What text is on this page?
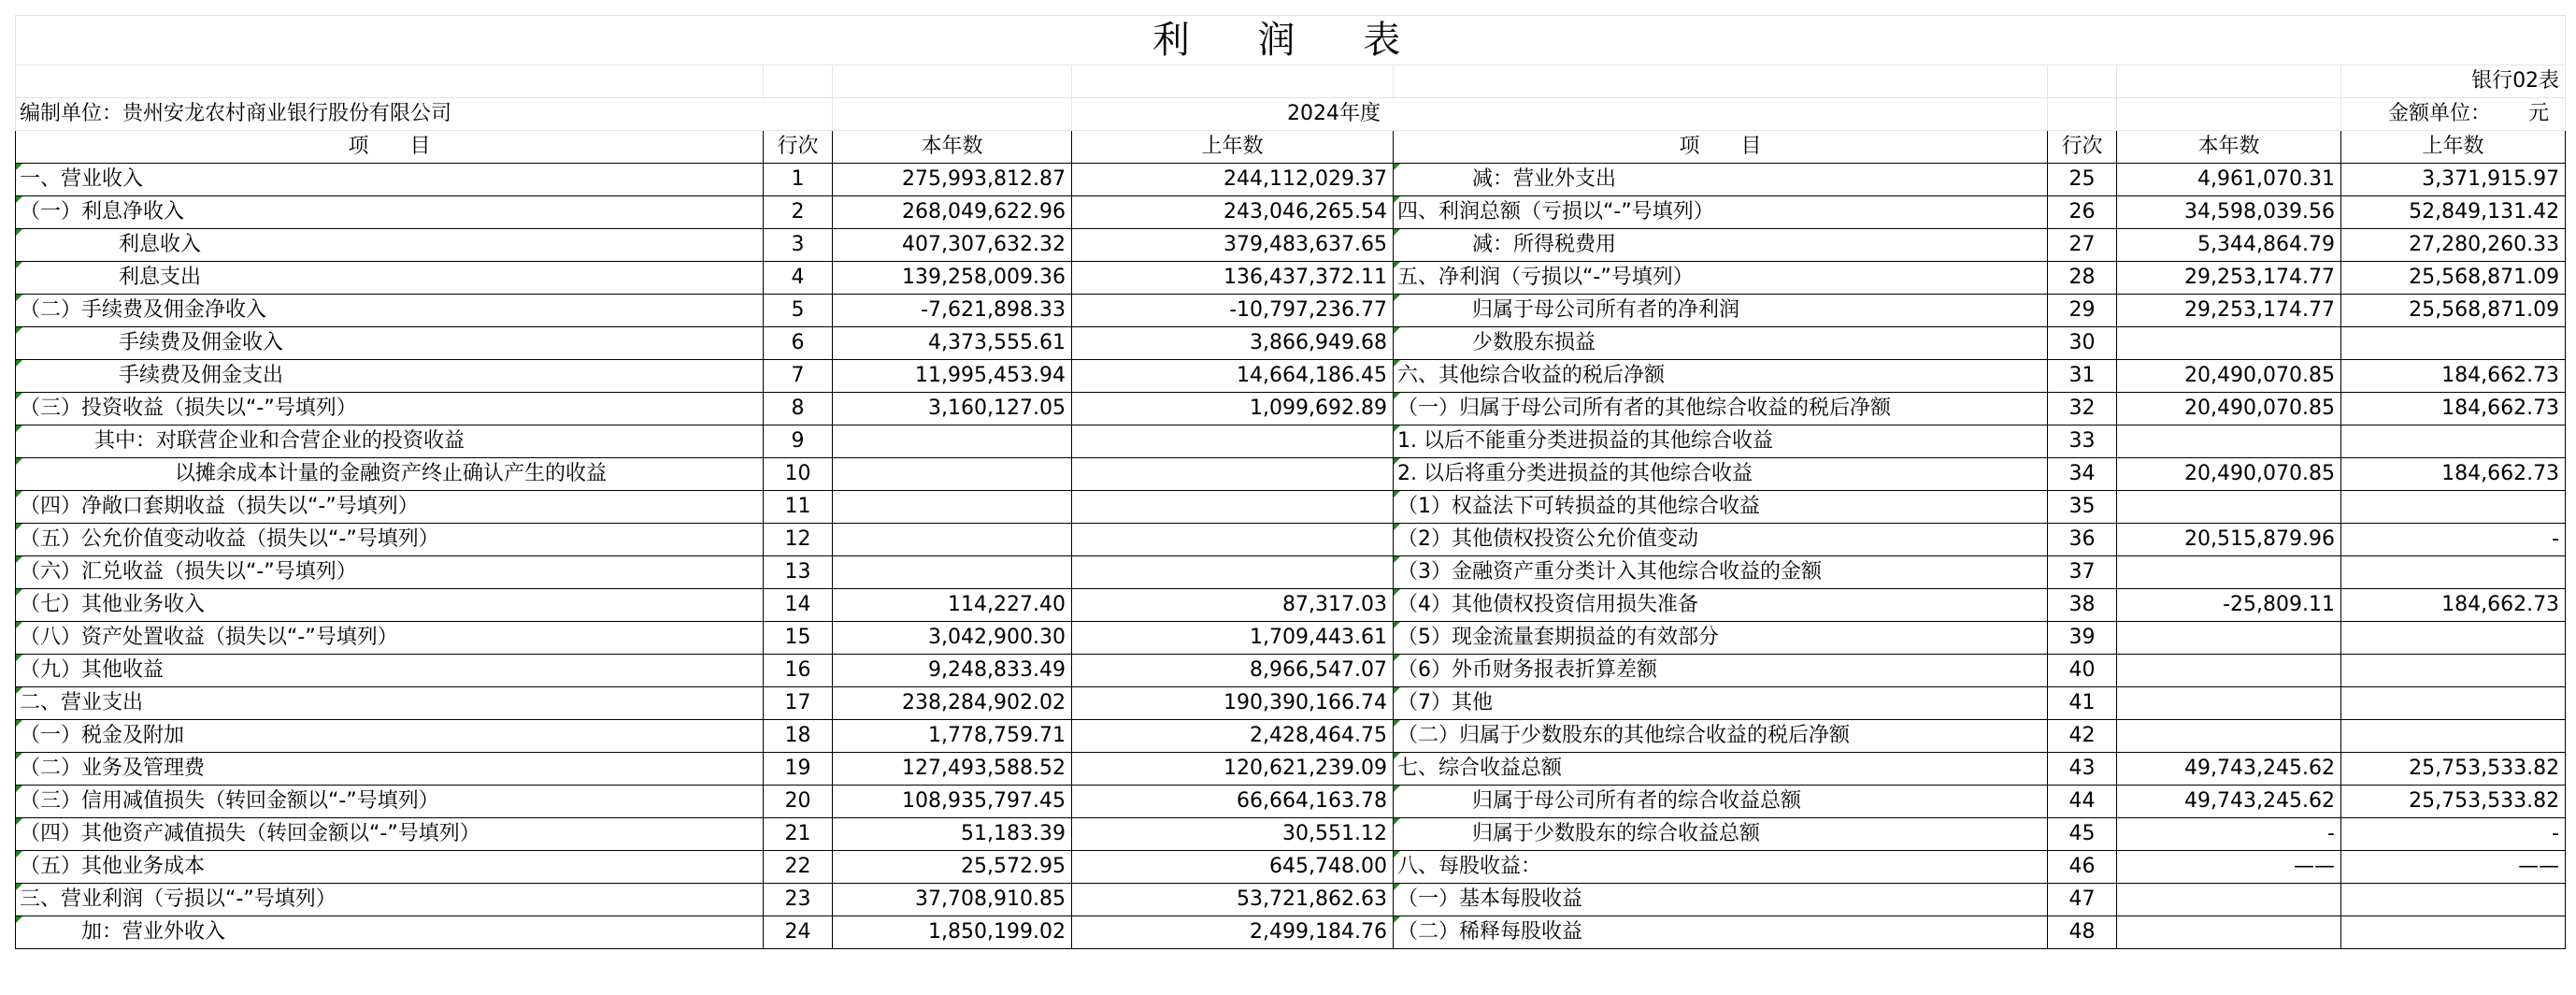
利 润 表							
							银行02表
编制单位：贵州安龙农村商业银行股份有限公司			2024年度				金额单位： 元
项　　目	行次	本年数	上年数	项　　目	行次	本年数	上年数
一、营业收入	1	275,993,812.87	244,112,029.37	减：营业外支出	25	4,961,070.31	3,371,915.97
（一）利息净收入	2	268,049,622.96	243,046,265.54	四、利润总额（亏损以“-”号填列）	26	34,598,039.56	52,849,131.42
利息收入	3	407,307,632.32	379,483,637.65	减：所得税费用	27	5,344,864.79	27,280,260.33
利息支出	4	139,258,009.36	136,437,372.11	五、净利润（亏损以“-”号填列）	28	29,253,174.77	25,568,871.09
（二）手续费及佣金净收入	5	-7,621,898.33	-10,797,236.77	归属于母公司所有者的净利润	29	29,253,174.77	25,568,871.09
手续费及佣金收入	6	4,373,555.61	3,866,949.68	少数股东损益	30		
手续费及佣金支出	7	11,995,453.94	14,664,186.45	六、其他综合收益的税后净额	31	20,490,070.85	184,662.73
（三）投资收益（损失以“-”号填列）	8	3,160,127.05	1,099,692.89	（一）归属于母公司所有者的其他综合收益的税后净额	32	20,490,070.85	184,662.73
其中：对联营企业和合营企业的投资收益	9			1. 以后不能重分类进损益的其他综合收益	33		
以摊余成本计量的金融资产终止确认产生的收益	10			2. 以后将重分类进损益的其他综合收益	34	20,490,070.85	184,662.73
（四）净敞口套期收益（损失以“-”号填列）	11			（1）权益法下可转损益的其他综合收益	35		
（五）公允价值变动收益（损失以“-”号填列）	12			（2）其他债权投资公允价值变动	36	20,515,879.96	-
（六）汇兑收益（损失以“-”号填列）	13			（3）金融资产重分类计入其他综合收益的金额	37		
（七）其他业务收入	14	114,227.40	87,317.03	（4）其他债权投资信用损失准备	38	-25,809.11	184,662.73
（八）资产处置收益（损失以“-”号填列）	15	3,042,900.30	1,709,443.61	（5）现金流量套期损益的有效部分	39		
（九）其他收益	16	9,248,833.49	8,966,547.07	（6）外币财务报表折算差额	40		
二、营业支出	17	238,284,902.02	190,390,166.74	（7）其他	41		
（一）税金及附加	18	1,778,759.71	2,428,464.75	（二）归属于少数股东的其他综合收益的税后净额	42		
（二）业务及管理费	19	127,493,588.52	120,621,239.09	七、综合收益总额	43	49,743,245.62	25,753,533.82
（三）信用减值损失（转回金额以“-”号填列）	20	108,935,797.45	66,664,163.78	归属于母公司所有者的综合收益总额	44	49,743,245.62	25,753,533.82
（四）其他资产减值损失（转回金额以“-”号填列）	21	51,183.39	30,551.12	归属于少数股东的综合收益总额	45	-	-
（五）其他业务成本	22	25,572.95	645,748.00	八、每股收益：	46	——	——
三、营业利润（亏损以“-”号填列）	23	37,708,910.85	53,721,862.63	（一）基本每股收益	47		
加：营业外收入	24	1,850,199.02	2,499,184.76	（二）稀释每股收益	48		
